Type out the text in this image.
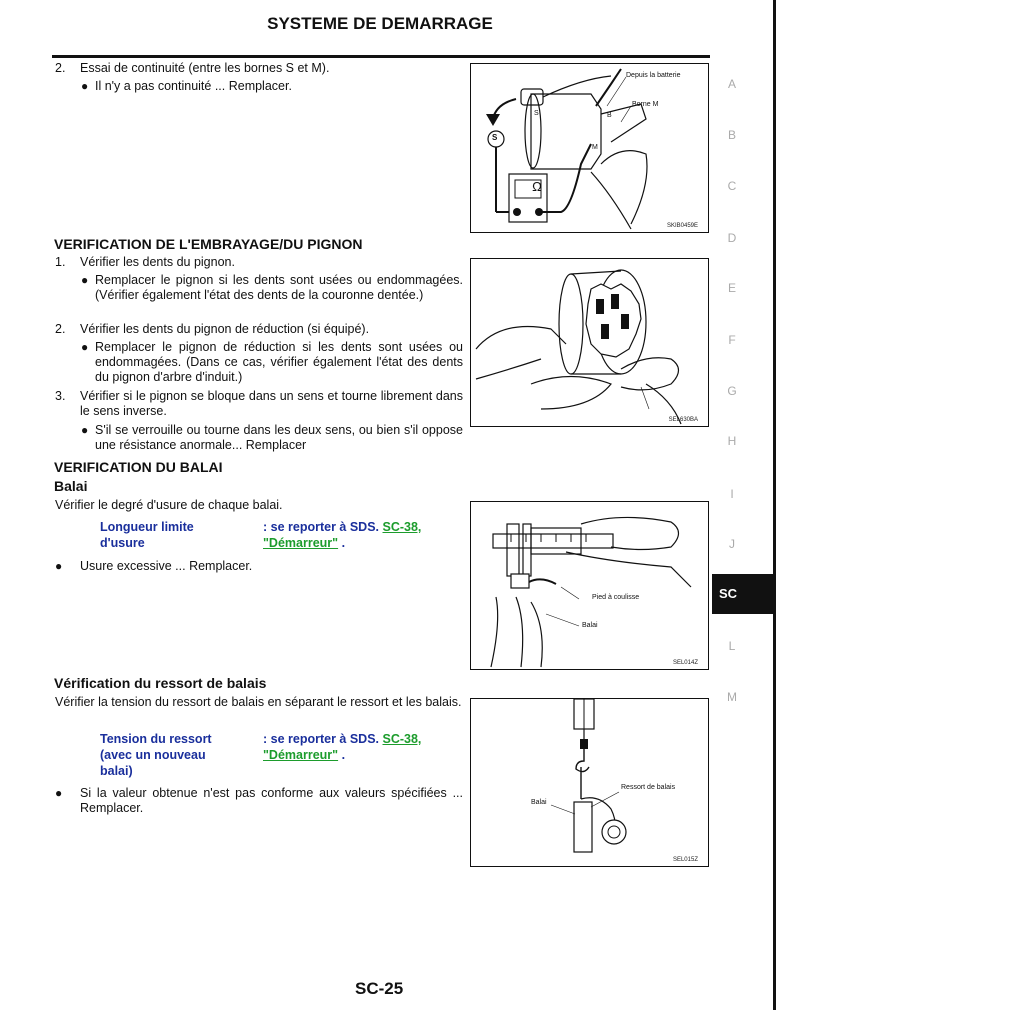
SYSTEME DE DEMARRAGE
2. Essai de continuité (entre les bornes S et M).
● Il n'y a pas continuité ... Remplacer.
Ω
S
Depuis la batterie
Borne M
S	B
M
SKIB0459E
VERIFICATION DE L'EMBRAYAGE/DU PIGNON
1. Vérifier les dents du pignon.
● Remplacer le pignon si les dents sont usées ou endommagées. (Vérifier également l'état des dents de la couronne dentée.)
2. Vérifier les dents du pignon de réduction (si équipé).
● Remplacer le pignon de réduction si les dents sont usées ou endommagées. (Dans ce cas, vérifier également l'état des dents du pignon d'arbre d'induit.)
3. Vérifier si le pignon se bloque dans un sens et tourne librement dans le sens inverse.
● S'il se verrouille ou tourne dans les deux sens, ou bien s'il oppose une résistance anormale... Remplacer
SEL630BA
VERIFICATION DU BALAI
Balai
Vérifier le degré d'usure de chaque balai.
Longueur limite d'usure
: se reporter à SDS. SC-38, "Démarreur" .
● Usure excessive ... Remplacer.
Pied à coulisse
Balai
SEL014Z
Vérification du ressort de balais
Vérifier la tension du ressort de balais en séparant le ressort et les balais.
Tension du ressort (avec un nouveau balai)
: se reporter à SDS. SC-38, "Démarreur" .
● Si la valeur obtenue n'est pas conforme aux valeurs spécifiées ... Remplacer.
Ressort de balais
Balai
SEL015Z
A
B
C
D
E
F
G
H
I
J
SC
L
M
SC-25
